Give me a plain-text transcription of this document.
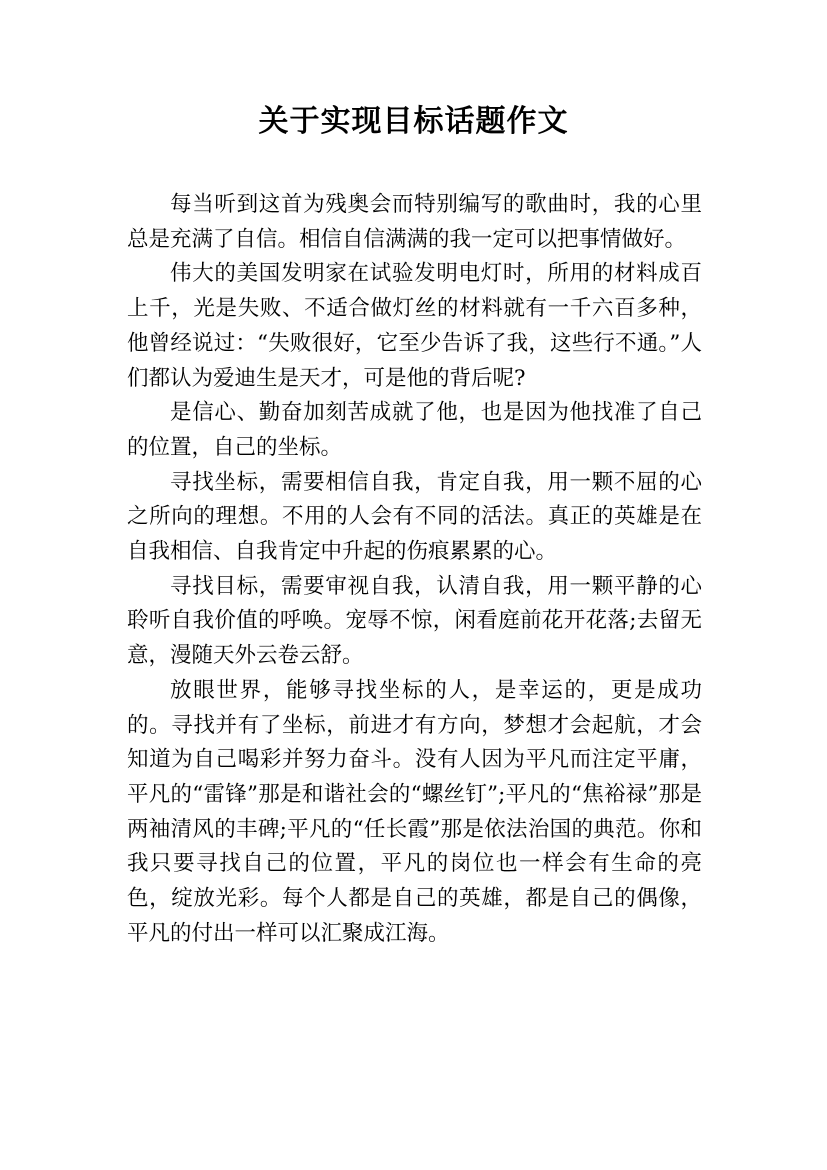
关于实现目标话题作文

每当听到这首为残奥会而特别编写的歌曲时，我的心里总是充满了自信。相信自信满满的我一定可以把事情做好。

伟大的美国发明家在试验发明电灯时，所用的材料成百上千，光是失败、不适合做灯丝的材料就有一千六百多种，他曾经说过：“失败很好，它至少告诉了我，这些行不通。”人们都认为爱迪生是天才，可是他的背后呢?

是信心、勤奋加刻苦成就了他，也是因为他找准了自己的位置，自己的坐标。

寻找坐标，需要相信自我，肯定自我，用一颗不屈的心之所向的理想。不用的人会有不同的活法。真正的英雄是在自我相信、自我肯定中升起的伤痕累累的心。

寻找目标，需要审视自我，认清自我，用一颗平静的心聆听自我价值的呼唤。宠辱不惊，闲看庭前花开花落;去留无意，漫随天外云卷云舒。

放眼世界，能够寻找坐标的人，是幸运的，更是成功的。寻找并有了坐标，前进才有方向，梦想才会起航，才会知道为自己喝彩并努力奋斗。没有人因为平凡而注定平庸，平凡的“雷锋”那是和谐社会的“螺丝钉”;平凡的“焦裕禄”那是两袖清风的丰碑;平凡的“任长霞”那是依法治国的典范。你和我只要寻找自己的位置，平凡的岗位也一样会有生命的亮色，绽放光彩。每个人都是自己的英雄，都是自己的偶像，平凡的付出一样可以汇聚成江海。
